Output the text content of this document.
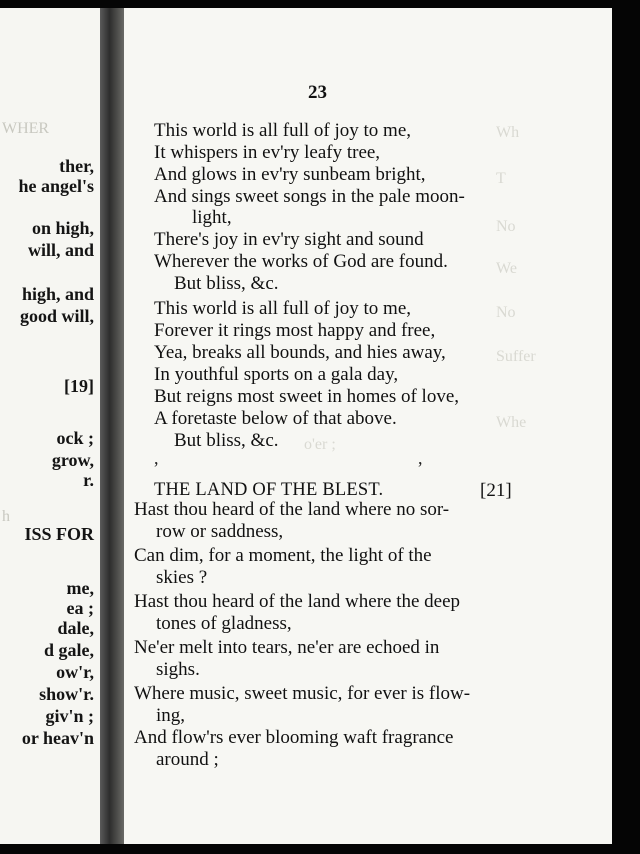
WHER
h
ther,
he angel's
on high,
will, and
high, and
good will,
[19]
ock ;
grow,
r.
ISS FOR
me,
ea ;
dale,
d gale,
ow'r,
show'r.
giv'n ;
or heav'n
Wh
T
No
We
No
Suffer
Whe
o'er ;
23
This world is all full of joy to me,
It whispers in ev'ry leafy tree,
And glows in ev'ry sunbeam bright,
And sings sweet songs in the pale moon-
light,
There's joy in ev'ry sight and sound
Wherever the works of God are found.
But bliss, &c.
This world is all full of joy to me,
Forever it rings most happy and free,
Yea, breaks all bounds, and hies away,
In youthful sports on a gala day,
But reigns most sweet in homes of love,
A foretaste below of that above.
But bliss, &c.
,	,
THE LAND OF THE BLEST.	[21]
Hast thou heard of the land where no sor-
row or saddness,
Can dim, for a moment, the light of the
skies ?
Hast thou heard of the land where the deep
tones of gladness,
Ne'er melt into tears, ne'er are echoed in
sighs.
Where music, sweet music, for ever is flow-
ing,
And flow'rs ever blooming waft fragrance
around ;
